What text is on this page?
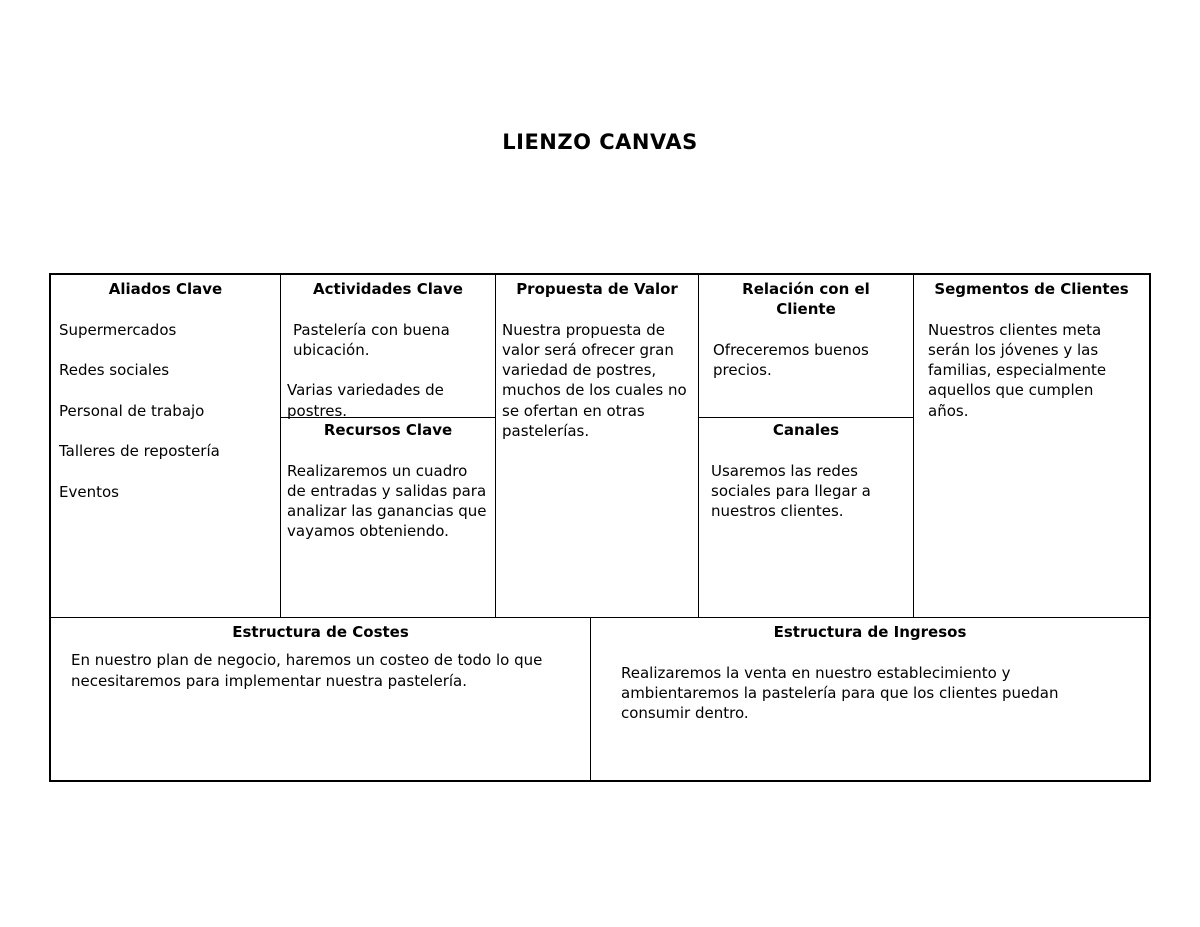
LIENZO CANVAS
Aliados Clave
Supermercados
Redes sociales
Personal de trabajo
Talleres de repostería
Eventos
Actividades Clave
Pastelería con buena ubicación.
Varias variedades de postres.
Recursos Clave
Realizaremos un cuadro de entradas y salidas para analizar las ganancias que vayamos obteniendo.
Propuesta de Valor
Nuestra propuesta de valor será ofrecer gran variedad de postres, muchos de los cuales no se ofertan en otras pastelerías.
Relación con el Cliente
Ofreceremos buenos precios.
Canales
Usaremos las redes sociales para llegar a nuestros clientes.
Segmentos de Clientes
Nuestros clientes meta serán los jóvenes y las familias, especialmente aquellos que cumplen años.
Estructura de Costes
En nuestro plan de negocio, haremos un costeo de todo lo que necesitaremos para implementar nuestra pastelería.
Estructura de Ingresos
Realizaremos la venta en nuestro establecimiento y ambientaremos la pastelería para que los clientes puedan consumir dentro.
